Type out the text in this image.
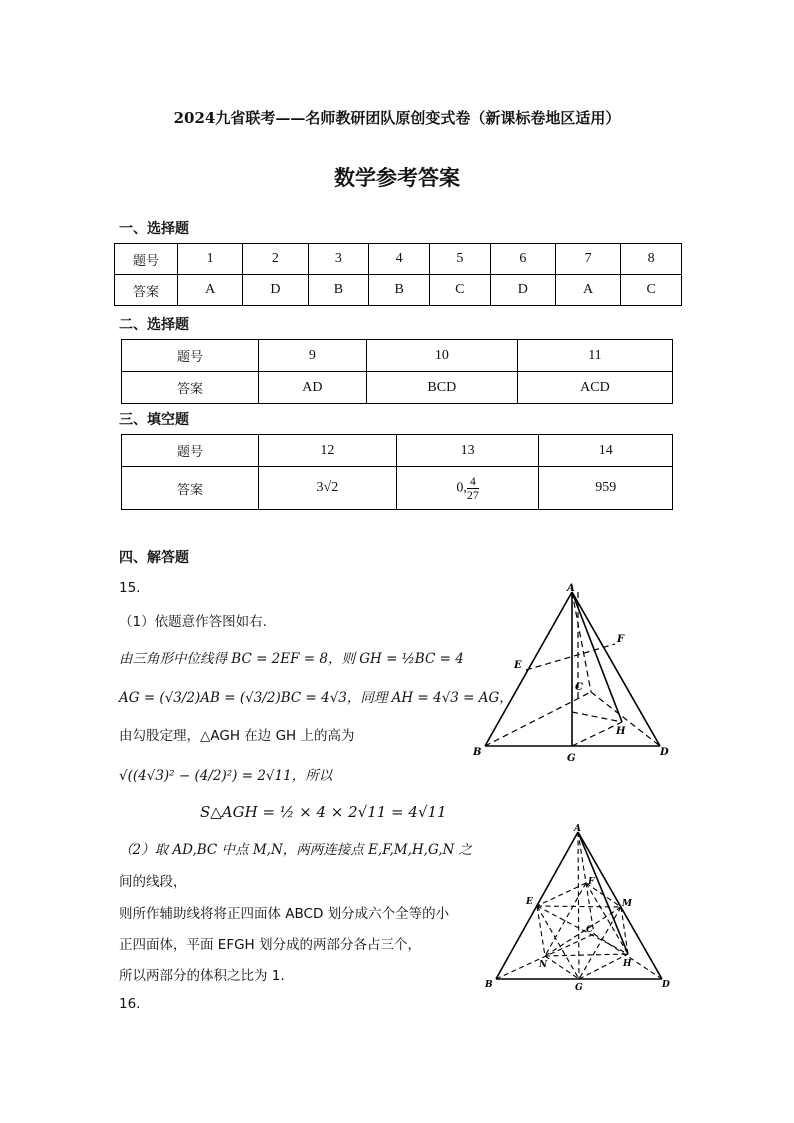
2024九省联考——名师教研团队原创变式卷（新课标卷地区适用）
数学参考答案
一、选择题
题号	1	2	3	4	5	6	7	8
答案	A	D	B	B	C	D	A	C
二、选择题
题号	9	10	11
答案	AD	BCD	ACD
三、填空题
题号	12	13	14
答案	3√2	0, $\frac{4}{27}$	959
四、解答题
15.
（1）依题意作答图如右.
由三角形中位线得 BC = 2EF = 8，则 GH = ½BC = 4
AG = (√3/2)AB = (√3/2)BC = 4√3，同理 AH = 4√3 = AG，
由勾股定理，△AGH 在边 GH 上的高为
√((4√3)² − (4/2)²) = 2√11，所以
S△AGH = ½ × 4 × 2√11 = 4√11
（2）取 AD,BC 中点 M,N，两两连接点 E,F,M,H,G,N 之
间的线段，
则所作辅助线将将正四面体 ABCD 划分成六个全等的小
正四面体，平面 EFGH 划分成的两部分各占三个，
所以两部分的体积之比为 1.
16.
A
E
F
C
H
B
G
D
A
E
F
M
C
N	H
B	G	D
